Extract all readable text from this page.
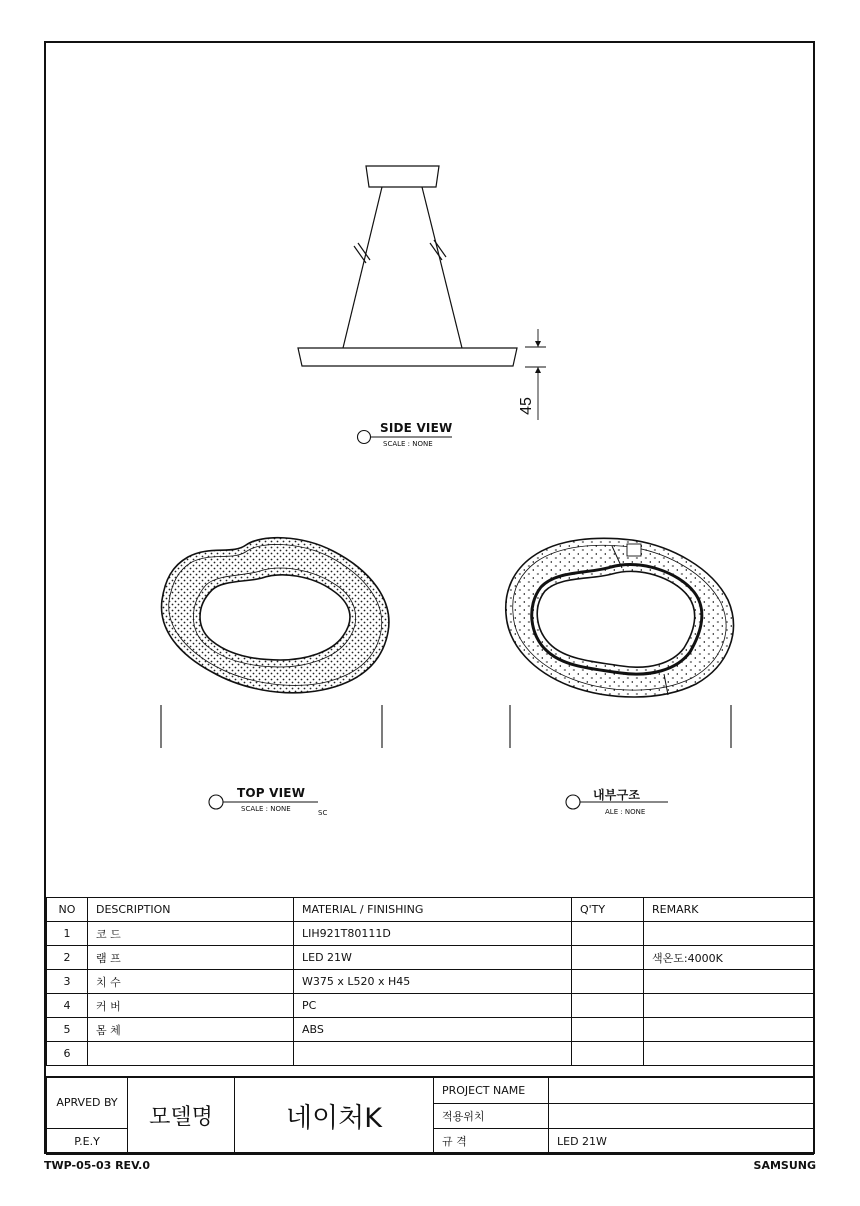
45
SIDE VIEW
SCALE : NONE
TOP VIEW
SCALE : NONE	SC
내부구조
ALE : NONE
NO	DESCRIPTION	MATERIAL / FINISHING	Q'TY	REMARK
1	코 드	LIH921T80111D		
2	램 프	LED 21W		색온도:4000K
3	치 수	W375 x L520 x H45		
4	커 버	PC		
5	몸 체	ABS		
6				
APRVED BY	모델명	네이처K	PROJECT NAME	
			적용위치	
P.E.Y			규 격	LED 21W
TWP-05-03 REV.0	SAMSUNG
